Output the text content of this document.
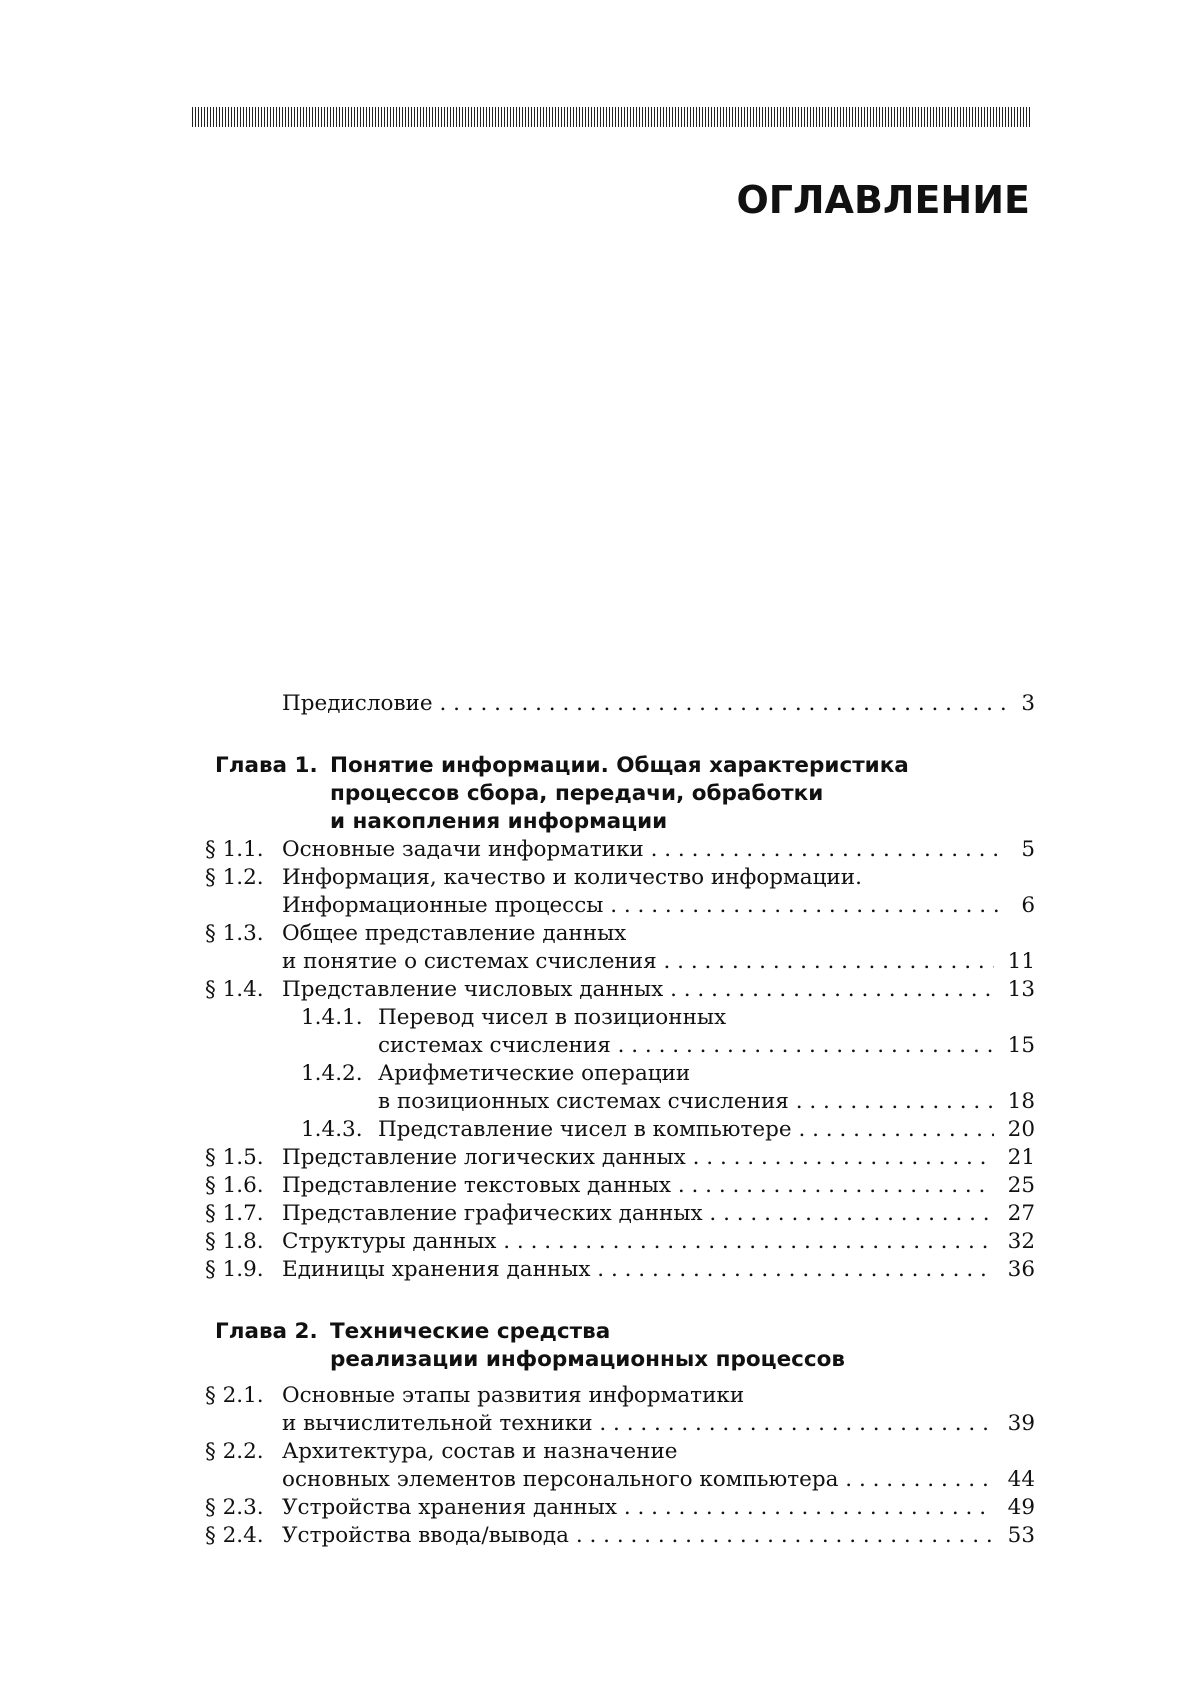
ОГЛАВЛЕНИЕ
Предисловие . . .	3
Глава 1. Понятие информации. Общая характеристика
процессов сбора, передачи, обработки
и накопления информации
§ 1.1. Основные задачи информатики . . .	5
§ 1.2. Информация, качество и количество информации.
Информационные процессы . . .	6
§ 1.3. Общее представление данных
и понятие о системах счисления . . .	11
§ 1.4. Представление числовых данных . . .	13
1.4.1. Перевод чисел в позиционных
системах счисления . . .	15
1.4.2. Арифметические операции
в позиционных системах счисления . . .	18
1.4.3. Представление чисел в компьютере . . .	20
§ 1.5. Представление логических данных . . .	21
§ 1.6. Представление текстовых данных . . .	25
§ 1.7. Представление графических данных . . .	27
§ 1.8. Структуры данных . . .	32
§ 1.9. Единицы хранения данных . . .	36
Глава 2. Технические средства
реализации информационных процессов
§ 2.1. Основные этапы развития информатики
и вычислительной техники . . .	39
§ 2.2. Архитектура, состав и назначение
основных элементов персонального компьютера . . .	44
§ 2.3. Устройства хранения данных . . .	49
§ 2.4. Устройства ввода/вывода . . .	53
